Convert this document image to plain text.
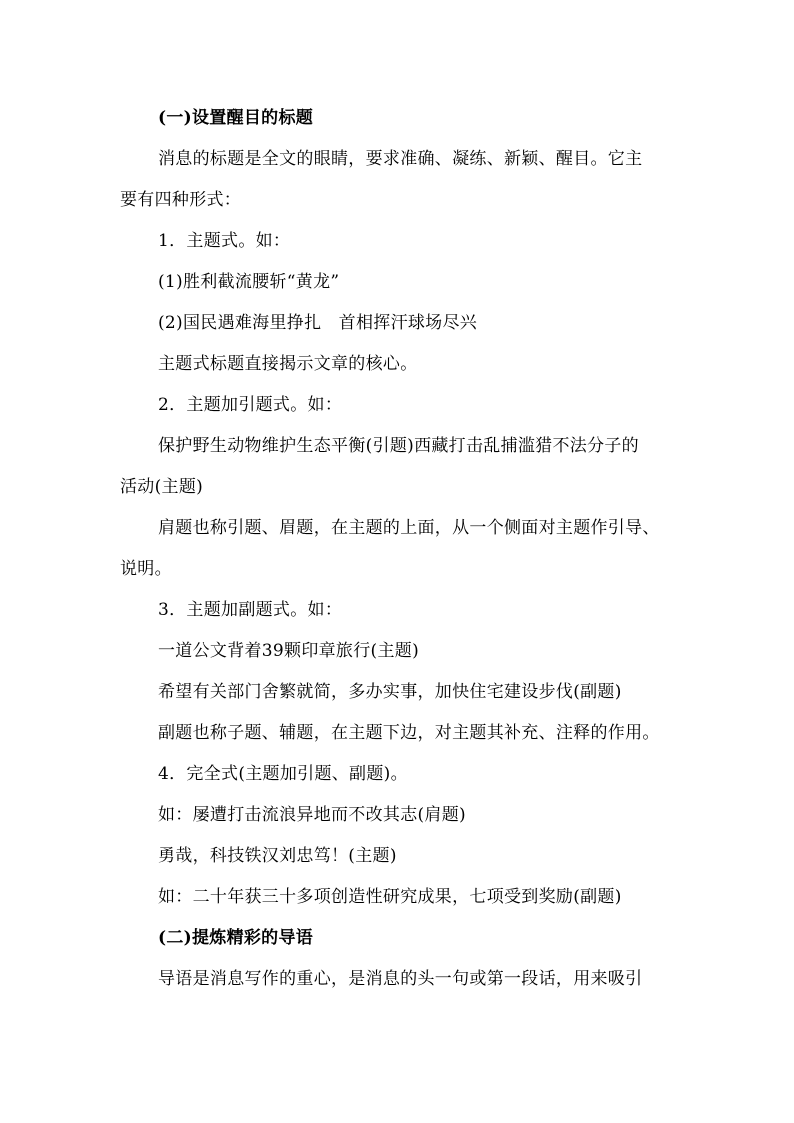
(一)设置醒目的标题
消息的标题是全文的眼睛，要求准确、凝练、新颖、醒目。它主
要有四种形式：
1．主题式。如：
(1)胜利截流腰斩“黄龙”
(2)国民遇难海里挣扎　首相挥汗球场尽兴
主题式标题直接揭示文章的核心。
2．主题加引题式。如：
保护野生动物维护生态平衡(引题)西藏打击乱捕滥猎不法分子的
活动(主题)
肩题也称引题、眉题，在主题的上面，从一个侧面对主题作引导、
说明。
3．主题加副题式。如：
一道公文背着39颗印章旅行(主题)
希望有关部门舍繁就简，多办实事，加快住宅建设步伐(副题)
副题也称子题、辅题，在主题下边，对主题其补充、注释的作用。
4．完全式(主题加引题、副题)。
如：屡遭打击流浪异地而不改其志(肩题)
勇哉，科技铁汉刘忠笃！(主题)
如：二十年获三十多项创造性研究成果，七项受到奖励(副题)
(二)提炼精彩的导语
导语是消息写作的重心，是消息的头一句或第一段话，用来吸引
